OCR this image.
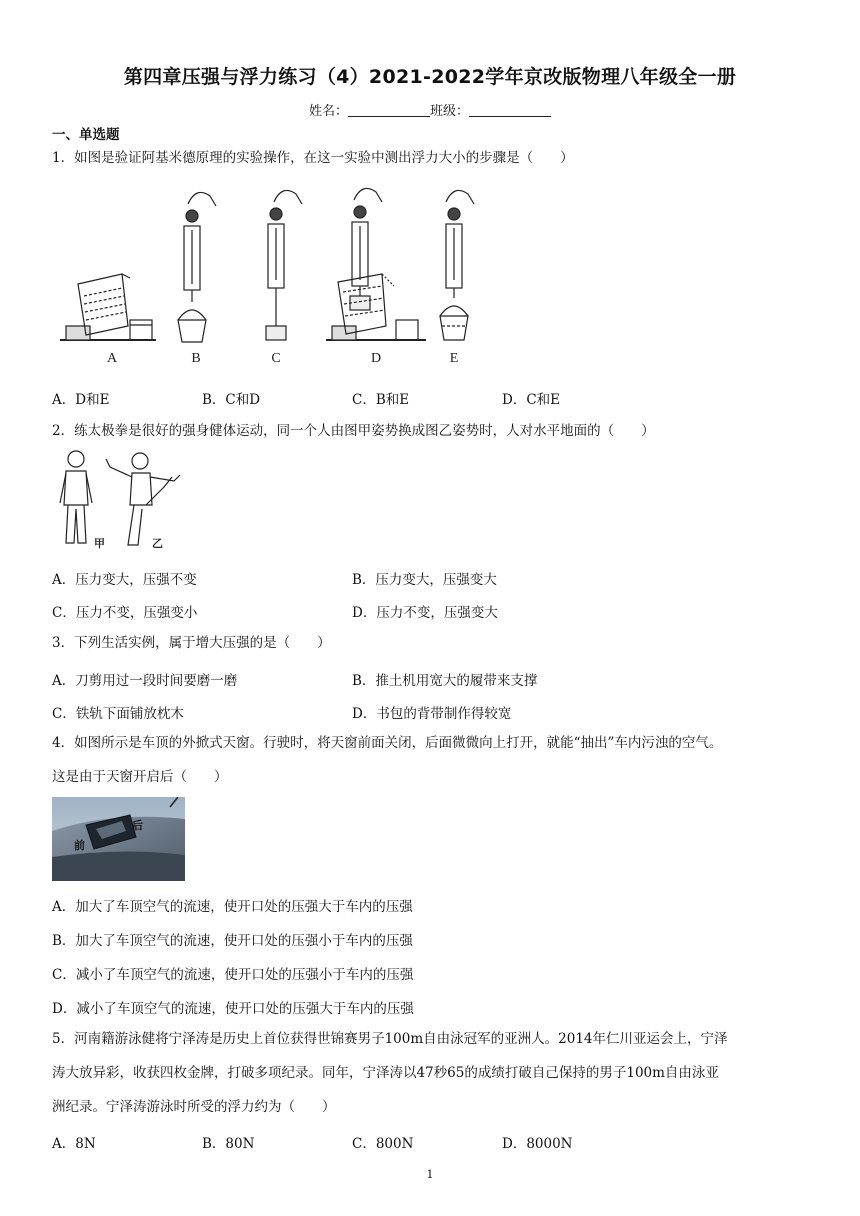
第四章压强与浮力练习（4）2021-2022学年京改版物理八年级全一册
姓名：	班级：
一、单选题
1．如图是验证阿基米德原理的实验操作，在这一实验中测出浮力大小的步骤是（　　）
A	B	C	D	E
A．D和E	B．C和D	C．B和E	D．C和E
2．练太极拳是很好的强身健体运动，同一个人由图甲姿势换成图乙姿势时，人对水平地面的（　　）
甲	乙
A．压力变大，压强不变	B．压力变大，压强变大
C．压力不变，压强变小	D．压力不变，压强变大
3．下列生活实例，属于增大压强的是（　　）
A．刀剪用过一段时间要磨一磨	B．推土机用宽大的履带来支撑
C．铁轨下面铺放枕木	D．书包的背带制作得较宽
4．如图所示是车顶的外掀式天窗。行驶时，将天窗前面关闭，后面微微向上打开，就能“抽出”车内污浊的空气。
这是由于天窗开启后（　　）
前
后
A．加大了车顶空气的流速，使开口处的压强大于车内的压强
B．加大了车顶空气的流速，使开口处的压强小于车内的压强
C．减小了车顶空气的流速，使开口处的压强小于车内的压强
D．减小了车顶空气的流速，使开口处的压强大于车内的压强
5．河南籍游泳健将宁泽涛是历史上首位获得世锦赛男子100m自由泳冠军的亚洲人。2014年仁川亚运会上，宁泽
涛大放异彩，收获四枚金牌，打破多项纪录。同年，宁泽涛以47秒65的成绩打破自己保持的男子100m自由泳亚
洲纪录。宁泽涛游泳时所受的浮力约为（　　）
A．8N	B．80N	C．800N	D．8000N
1
